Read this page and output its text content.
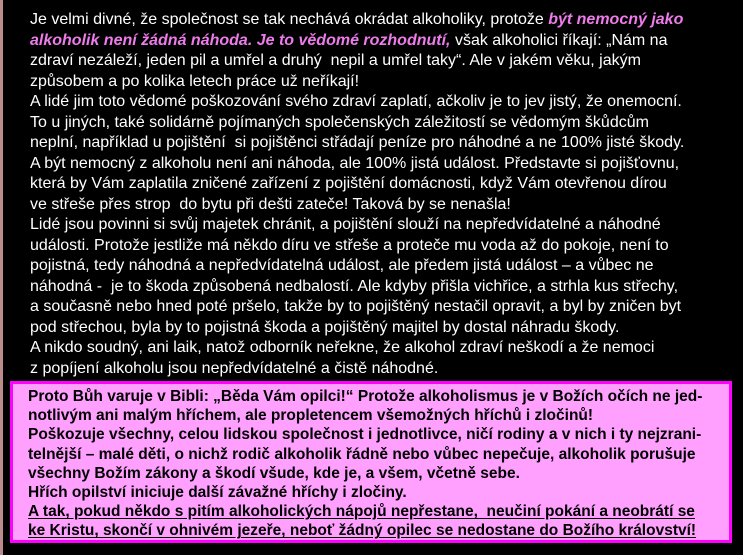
Je velmi divné, že společnost se tak nechává okrádat alkoholiky, protože být nemocný jako
alkoholik není žádná náhoda. Je to vědomé rozhodnutí, však alkoholici říkají: „Nám na
zdraví nezáleží, jeden pil a umřel a druhý  nepil a umřel taky“. Ale v jakém věku, jakým
způsobem a po kolika letech práce už neříkají!
A lidé jim toto vědomé poškozování svého zdraví zaplatí, ačkoliv je to jev jistý, že onemocní.
To u jiných, také solidárně pojímaných společenských záležitostí se vědomým škůdcům
neplní, například u pojištění  si pojištěnci střádají peníze pro náhodné a ne 100% jisté škody.
A být nemocný z alkoholu není ani náhoda, ale 100% jistá událost. Představte si pojišťovnu,
která by Vám zaplatila zničené zařízení z pojištění domácnosti, když Vám otevřenou dírou
ve střeše přes strop  do bytu při dešti zateče! Taková by se nenašla!
Lidé jsou povinni si svůj majetek chránit, a pojištění slouží na nepředvídatelné a náhodné
události. Protože jestliže má někdo díru ve střeše a proteče mu voda až do pokoje, není to
pojistná, tedy náhodná a nepředvídatelná událost, ale předem jistá událost – a vůbec ne
náhodná -  je to škoda způsobená nedbalostí. Ale kdyby přišla vichřice, a strhla kus střechy,
a současně nebo hned poté pršelo, takže by to pojištěný nestačil opravit, a byl by zničen byt
pod střechou, byla by to pojistná škoda a pojištěný majitel by dostal náhradu škody.
A nikdo soudný, ani laik, natož odborník neřekne, že alkohol zdraví neškodí a že nemoci
z popíjení alkoholu jsou nepředvídatelné a čistě náhodné.
Proto Bůh varuje v Bibli: „Běda Vám opilci!“ Protože alkoholismus je v Božích očích ne jed-
notlivým ani malým hříchem, ale propletencem všemožných hříchů i zločinů!
Poškozuje všechny, celou lidskou společnost i jednotlivce, ničí rodiny a v nich i ty nejzrani-
telnější – malé děti, o nichž rodič alkoholik řádně nebo vůbec nepečuje, alkoholik porušuje
všechny Božím zákony a škodí všude, kde je, a všem, včetně sebe.
Hřích opilství iniciuje další závažné hříchy i zločiny.
A tak, pokud někdo s pitím alkoholických nápojů nepřestane,  neučiní pokání a neobrátí se
ke Kristu, skončí v ohnivém jezeře, neboť žádný opilec se nedostane do Božího království!
